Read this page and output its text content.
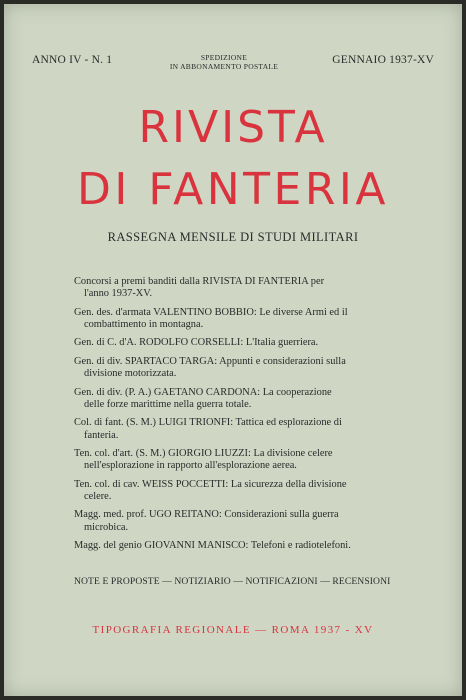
ANNO IV - N. 1	SPEDIZIONE
IN ABBONAMENTO POSTALE
GENNAIO 1937-XV
RIVISTA
DI FANTERIA
RASSEGNA MENSILE DI STUDI MILITARI

Concorsi a premi banditi dalla RIVISTA DI FANTERIA per
l'anno 1937-XV.

Gen. des. d'armata VALENTINO BOBBIO: Le diverse Armi ed il
combattimento in montagna.

Gen. di C. d'A. RODOLFO CORSELLI: L'Italia guerriera.

Gen. di div. SPARTACO TARGA: Appunti e considerazioni sulla
divisione motorizzata.

Gen. di div. (P. A.) GAETANO CARDONA: La cooperazione
delle forze marittime nella guerra totale.

Col. di fant. (S. M.) LUIGI TRIONFI: Tattica ed esplorazione di
fanteria.

Ten. col. d'art. (S. M.) GIORGIO LIUZZI: La divisione celere
nell'esplorazione in rapporto all'esplorazione aerea.

Ten. col. di cav. WEISS POCCETTI: La sicurezza della divisione
celere.

Magg. med. prof. UGO REITANO: Considerazioni sulla guerra
microbica.

Magg. del genio GIOVANNI MANISCO: Telefoni e radiotelefoni.

NOTE E PROPOSTE — NOTIZIARIO — NOTIFICAZIONI — RECENSIONI
TIPOGRAFIA REGIONALE — ROMA 1937 - XV
